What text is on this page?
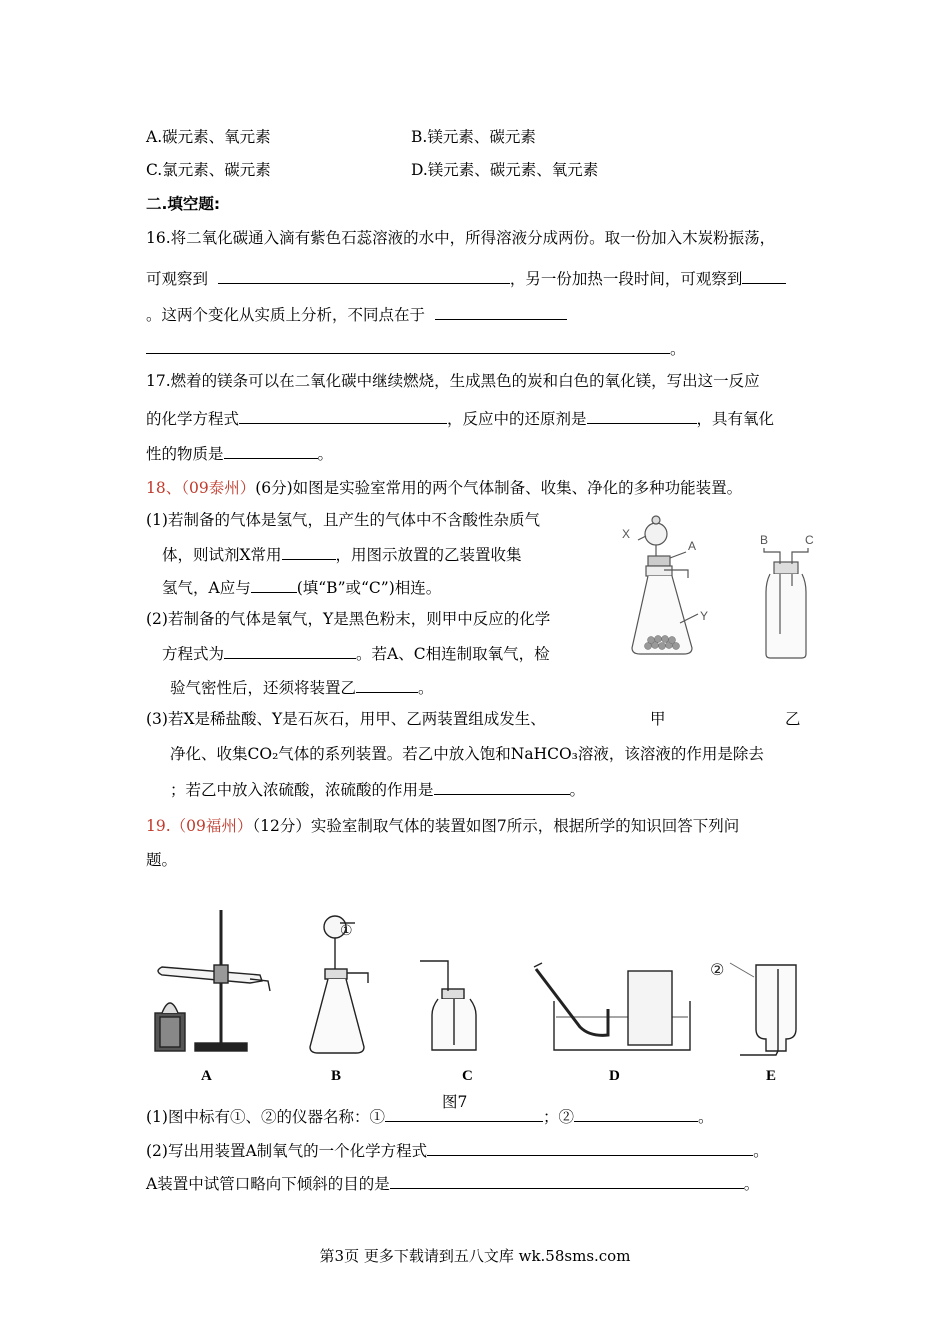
A.碳元素、氧元素	B.镁元素、碳元素
C.氯元素、碳元素	D.镁元素、碳元素、氧元素
二.填空题:
16.将二氧化碳通入滴有紫色石蕊溶液的水中，所得溶液分成两份。取一份加入木炭粉振荡，
可观察到	，另一份加热一段时间，可观察到
。这两个变化从实质上分析，不同点在于
。
17.燃着的镁条可以在二氧化碳中继续燃烧，生成黑色的炭和白色的氧化镁，写出这一反应
的化学方程式	，反应中的还原剂是	，具有氧化
性的物质是	。
18、（09泰州）(6分)如图是实验室常用的两个气体制备、收集、净化的多种功能装置。
(1)若制备的气体是氢气，且产生的气体中不含酸性杂质气
体，则试剂X常用	，用图示放置的乙装置收集
氢气，A应与	(填“B”或“C”)相连。
(2)若制备的气体是氧气，Y是黑色粉末，则甲中反应的化学
方程式为	。若A、C相连制取氧气，检
验气密性后，还须将装置乙	。
(3)若X是稀盐酸、Y是石灰石，用甲、乙两装置组成发生、	甲	乙
净化、收集CO₂气体的系列装置。若乙中放入饱和NaHCO₃溶液，该溶液的作用是除去
；若乙中放入浓硫酸，浓硫酸的作用是	。
X
A
Y
B	C
19.（09福州）（12分）实验室制取气体的装置如图7所示，根据所学的知识回答下列问
题。
①
②
A	B	C	D	E
图7
(1)图中标有①、②的仪器名称：①	；②	。
(2)写出用装置A制氧气的一个化学方程式	。
A装置中试管口略向下倾斜的目的是	。
第3页 更多下载请到五八文库 wk.58sms.com
